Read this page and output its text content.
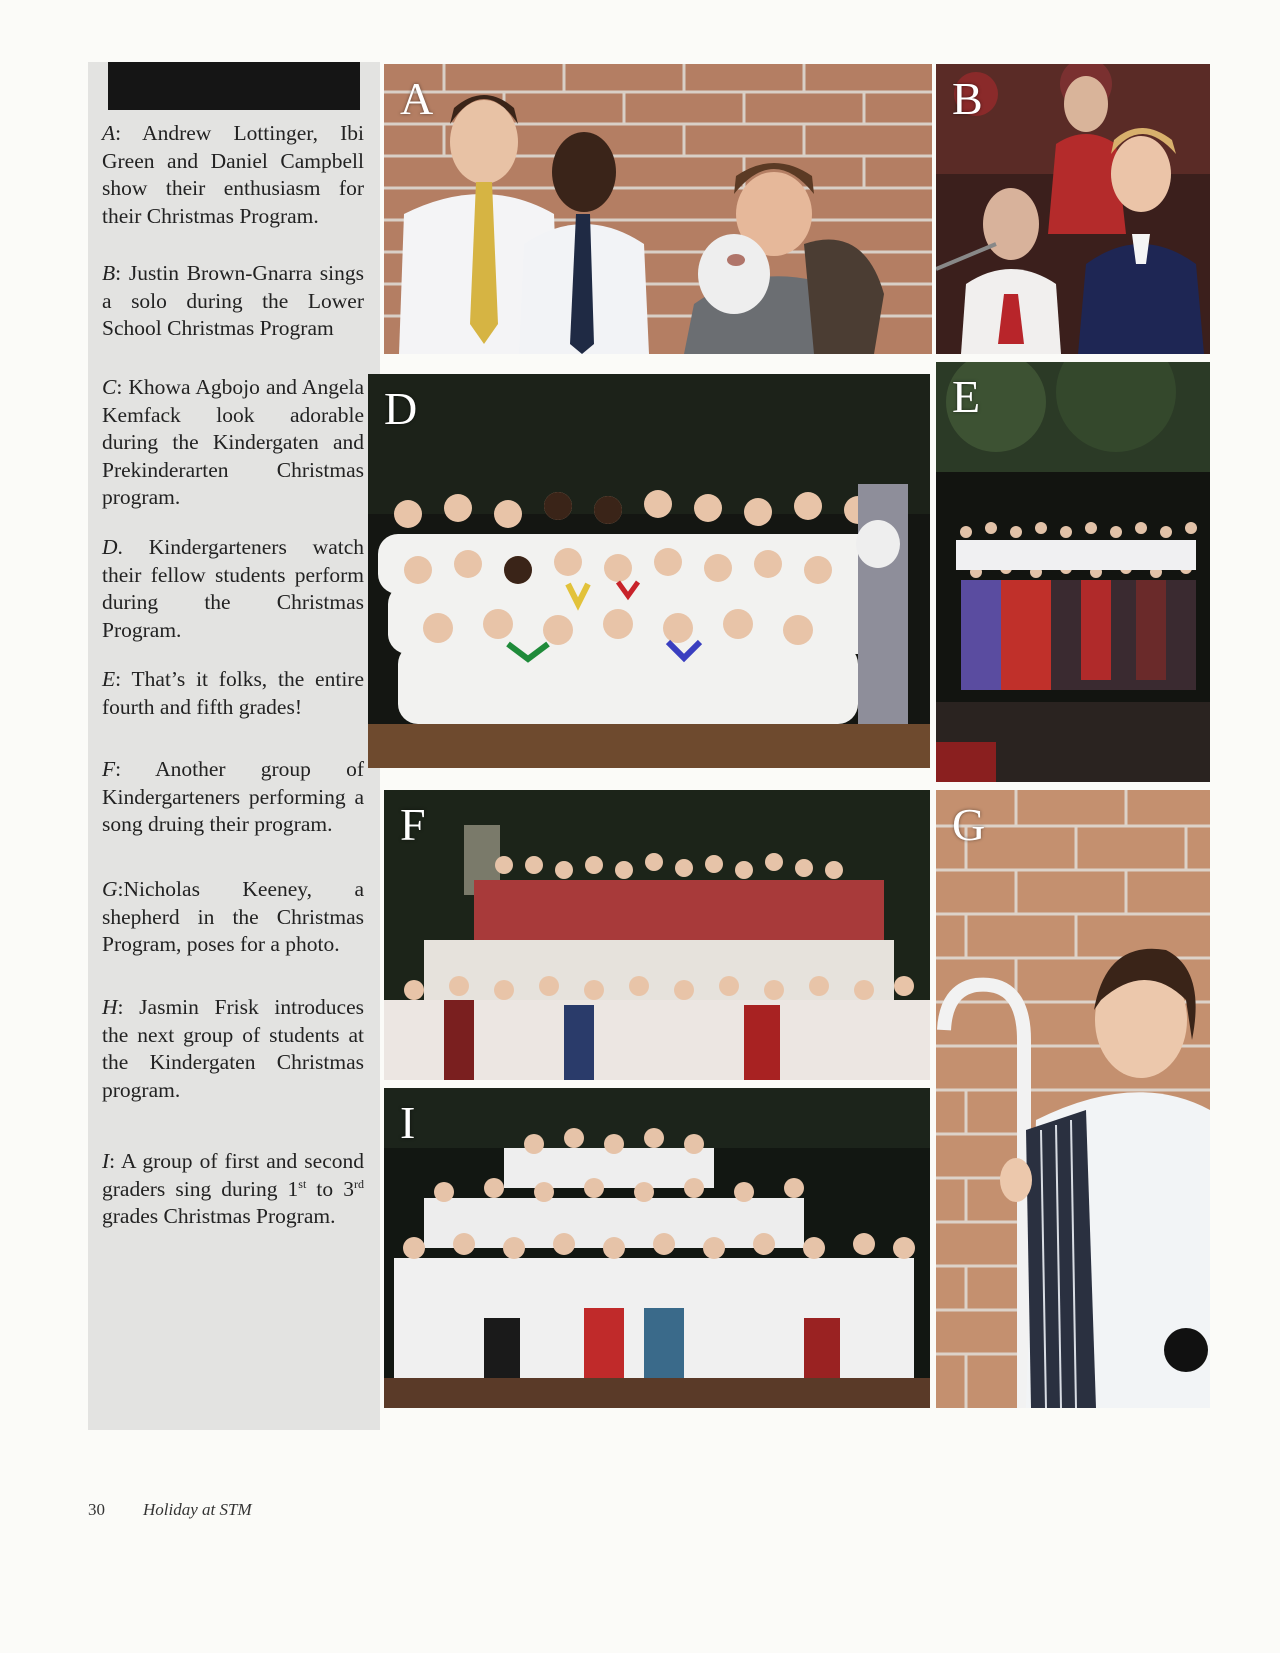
A: Andrew Lottinger, Ibi Green and Daniel Campbell show their enthusiasm for their Christmas Program.

B: Justin Brown-Gnarra sings a solo during the Lower School Christmas Program

C: Khowa Agbojo and Angela Kemfack look adorable during the Kindergaten and Prekinderarten Christmas program.

D. Kindergarteners watch their fellow students perform during the Christmas Program.

E: That’s it folks, the entire fourth and fifth grades!

F: Another group of Kindergarteners performing a song druing their program.

G:Nicholas Keeney, a shepherd in the Christmas Program, poses for a photo.

H: Jasmin Frisk introduces the next group of students at the Kindergaten Christmas program.

I: A group of first and second graders sing during 1st to 3rd grades Christmas Program.

A	B
D	E
F	G
I
30 Holiday at STM
